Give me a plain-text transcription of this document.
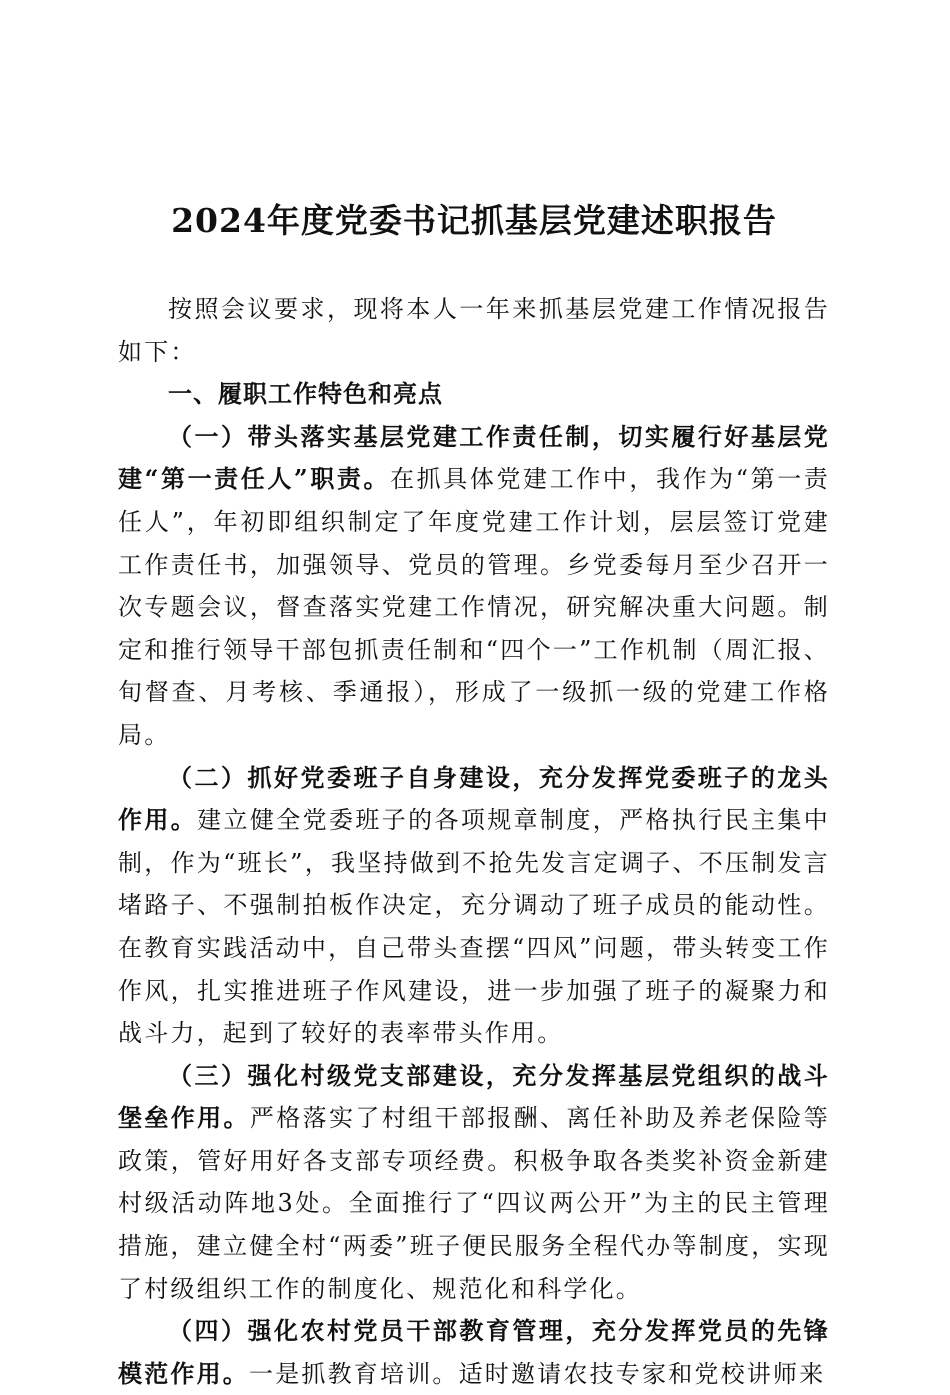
2024年度党委书记抓基层党建述职报告

按照会议要求，现将本人一年来抓基层党建工作情况报告如下：

一、履职工作特色和亮点

（一）带头落实基层党建工作责任制，切实履行好基层党建“第一责任人”职责。在抓具体党建工作中，我作为“第一责任人”，年初即组织制定了年度党建工作计划，层层签订党建工作责任书，加强领导、党员的管理。乡党委每月至少召开一次专题会议，督查落实党建工作情况，研究解决重大问题。制定和推行领导干部包抓责任制和“四个一”工作机制（周汇报、旬督查、月考核、季通报），形成了一级抓一级的党建工作格局。

（二）抓好党委班子自身建设，充分发挥党委班子的龙头作用。建立健全党委班子的各项规章制度，严格执行民主集中制，作为“班长”，我坚持做到不抢先发言定调子、不压制发言堵路子、不强制拍板作决定，充分调动了班子成员的能动性。在教育实践活动中，自己带头查摆“四风”问题，带头转变工作作风，扎实推进班子作风建设，进一步加强了班子的凝聚力和战斗力，起到了较好的表率带头作用。

（三）强化村级党支部建设，充分发挥基层党组织的战斗堡垒作用。严格落实了村组干部报酬、离任补助及养老保险等政策，管好用好各支部专项经费。积极争取各类奖补资金新建村级活动阵地3处。全面推行了“四议两公开”为主的民主管理措施，建立健全村“两委”班子便民服务全程代办等制度，实现了村级组织工作的制度化、规范化和科学化。

（四）强化农村党员干部教育管理，充分发挥党员的先锋模范作用。一是抓教育培训。适时邀请农技专家和党校讲师来
